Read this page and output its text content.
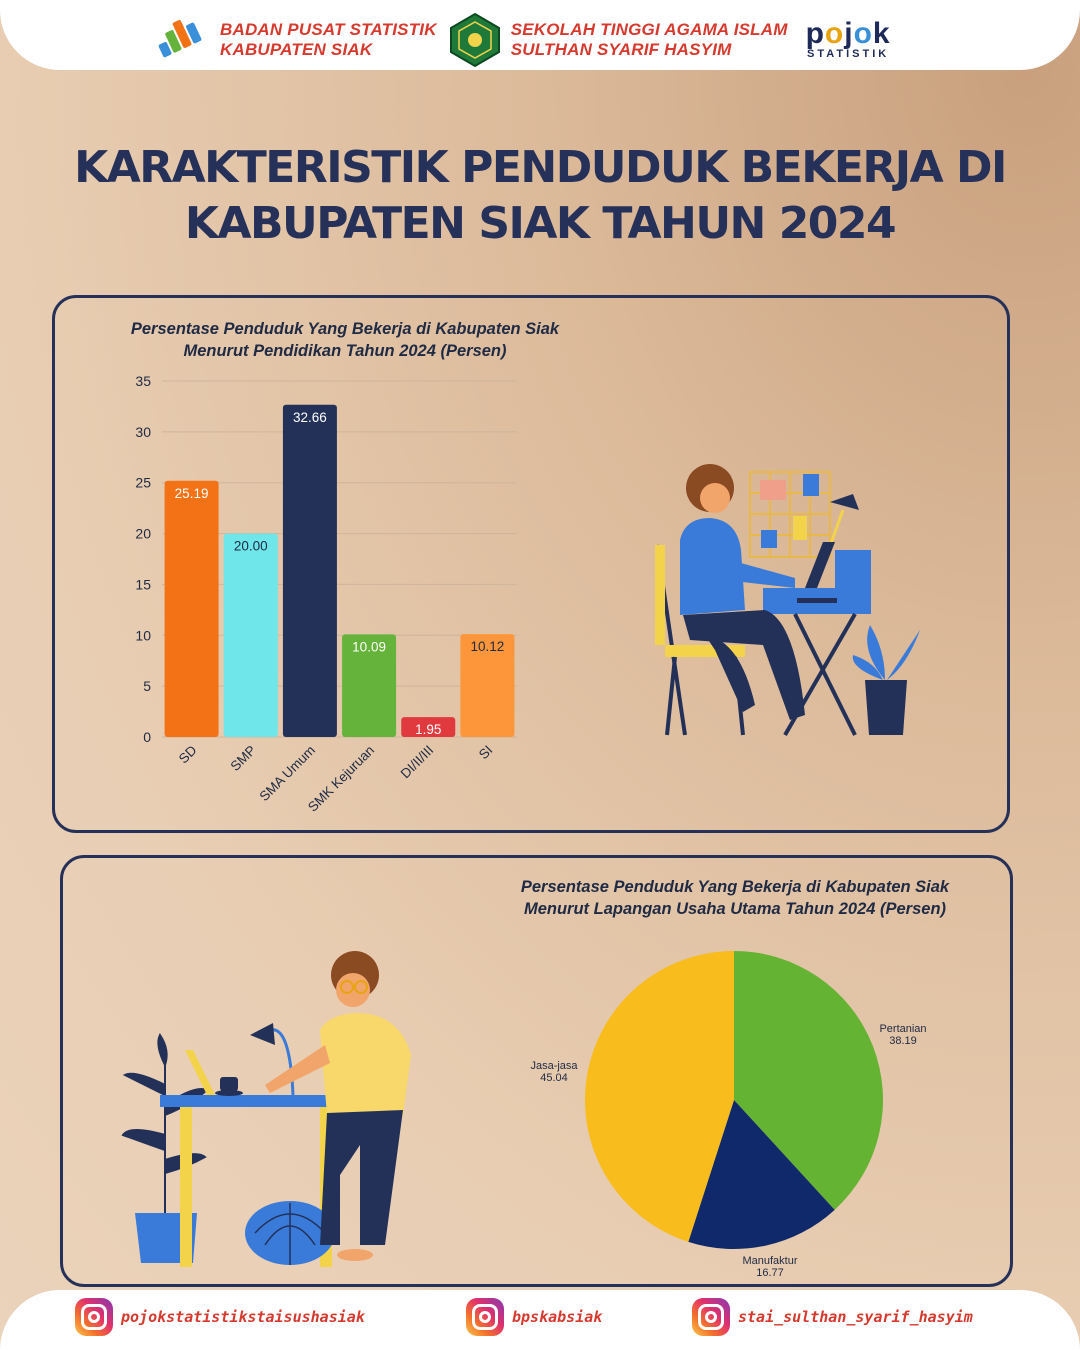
BADAN PUSAT STATISTIK
KABUPATEN SIAK
SEKOLAH TINGGI AGAMA ISLAM
SULTHAN SYARIF HASYIM	pojok
STATISTIK
KARAKTERISTIK PENDUDUK BEKERJA DI
KABUPATEN SIAK TAHUN 2024
Persentase Penduduk Yang Bekerja di Kabupaten Siak
Menurut Pendidikan Tahun 2024 (Persen)
0
5
10
15
20
25
30
35
25.19
SD
20.00
SMP
32.66
SMA Umum
10.09
SMK Kejuruan
1.95
DI/II/III
10.12
SI
Persentase Penduduk Yang Bekerja di Kabupaten Siak
Menurut Lapangan Usaha Utama Tahun 2024 (Persen)
Pertanian
38.19
Manufaktur
16.77
Jasa-jasa
45.04
pojokstatistikstaisushasiak	bpskabsiak	stai_sulthan_syarif_hasyim
